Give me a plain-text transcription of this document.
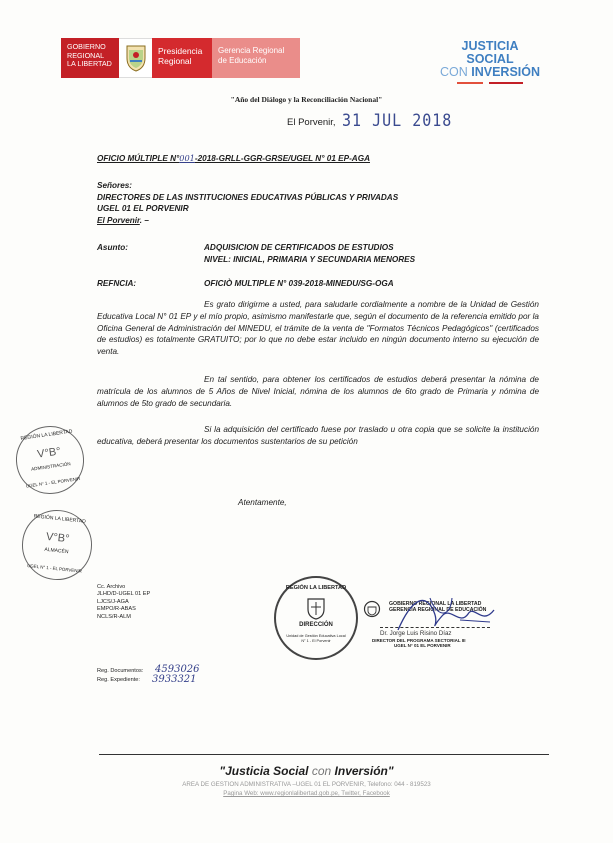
GOBIERNO
REGIONAL
LA LIBERTAD
Presidencia
Regional
Gerencia Regional
de Educación
JUSTICIA SOCIAL
CON INVERSIÓN
"Año del Diálogo y la Reconciliación Nacional"
El Porvenir, 31 JUL 2018
OFICIO MÚLTIPLE N°001-2018-GRLL-GGR-GRSE/UGEL N° 01 EP-AGA
Señores:
DIRECTORES DE LAS INSTITUCIONES EDUCATIVAS PÚBLICAS Y PRIVADAS
UGEL 01 EL PORVENIR
El Porvenir. –
Asunto:	ADQUISICION DE CERTIFICADOS DE ESTUDIOS
NIVEL: INICIAL, PRIMARIA Y SECUNDARIA MENORES
REFNCIA:	OFICIÒ MULTIPLE N° 039-2018-MINEDU/SG-OGA
Es grato dirigirme a usted, para saludarle cordialmente a nombre de la Unidad de Gestión Educativa Local N° 01 EP y el mío propio, asimismo manifestarle que, según el documento de la referencia emitido por la Oficina General de Administración del MINEDU, el trámite de la venta de "Formatos Técnicos Pedagógicos" (certificados de estudios) es totalmente GRATUITO; por lo que no debe estar incluido en ningún documento interno su ejecución de venta.
En tal sentido, para obtener los certificados de estudios deberá presentar la nómina de matrícula de los alumnos de 5 Años de Nivel Inicial, nómina de los alumnos de 6to grado de Primaria y nómina de alumnos de 5to grado de secundaria.
Si la adquisición del certificado fuese por traslado u otra copia que se solicite la institución educativa, deberá presentar los documentos sustentarios de su petición
Atentamente,
REGIÓN LA LIBERTAD
V°B°
ADMINISTRACIÓN
UGEL N° 1 - EL PORVENIR
REGIÓN LA LIBERTAD
V°B°
ALMACÉN
UGEL N° 1 - EL PORVENIR
REGIÓN LA LIBERTAD
DIRECCIÓN
Unidad de Gestión Educativa Local N° 1 - El Porvenir
GOBIERNO REGIONAL LA LIBERTAD
GERENCIA REGIONAL DE EDUCACIÓN
Dr. Jorge Luis Risino Díaz
DIRECTOR DEL PROGRAMA SECTORIAL III
UGEL N° 01 EL PORVENIR
Cc. Archivo
JLHD/D-UGEL 01 EP
LJCS/J-AGA
EMPO/R-ABAS
NCLS/R-ALM
Reg. Documentos: 4593026
Reg. Expediente: 3933321
"Justicia Social con Inversión"
AREA DE GESTION ADMINISTRATIVA –UGEL 01 EL PORVENIR, Telefono: 044 - 819523
Pagina Web: www.regionlalibertad.gob.pe, Twitter, Facebook
